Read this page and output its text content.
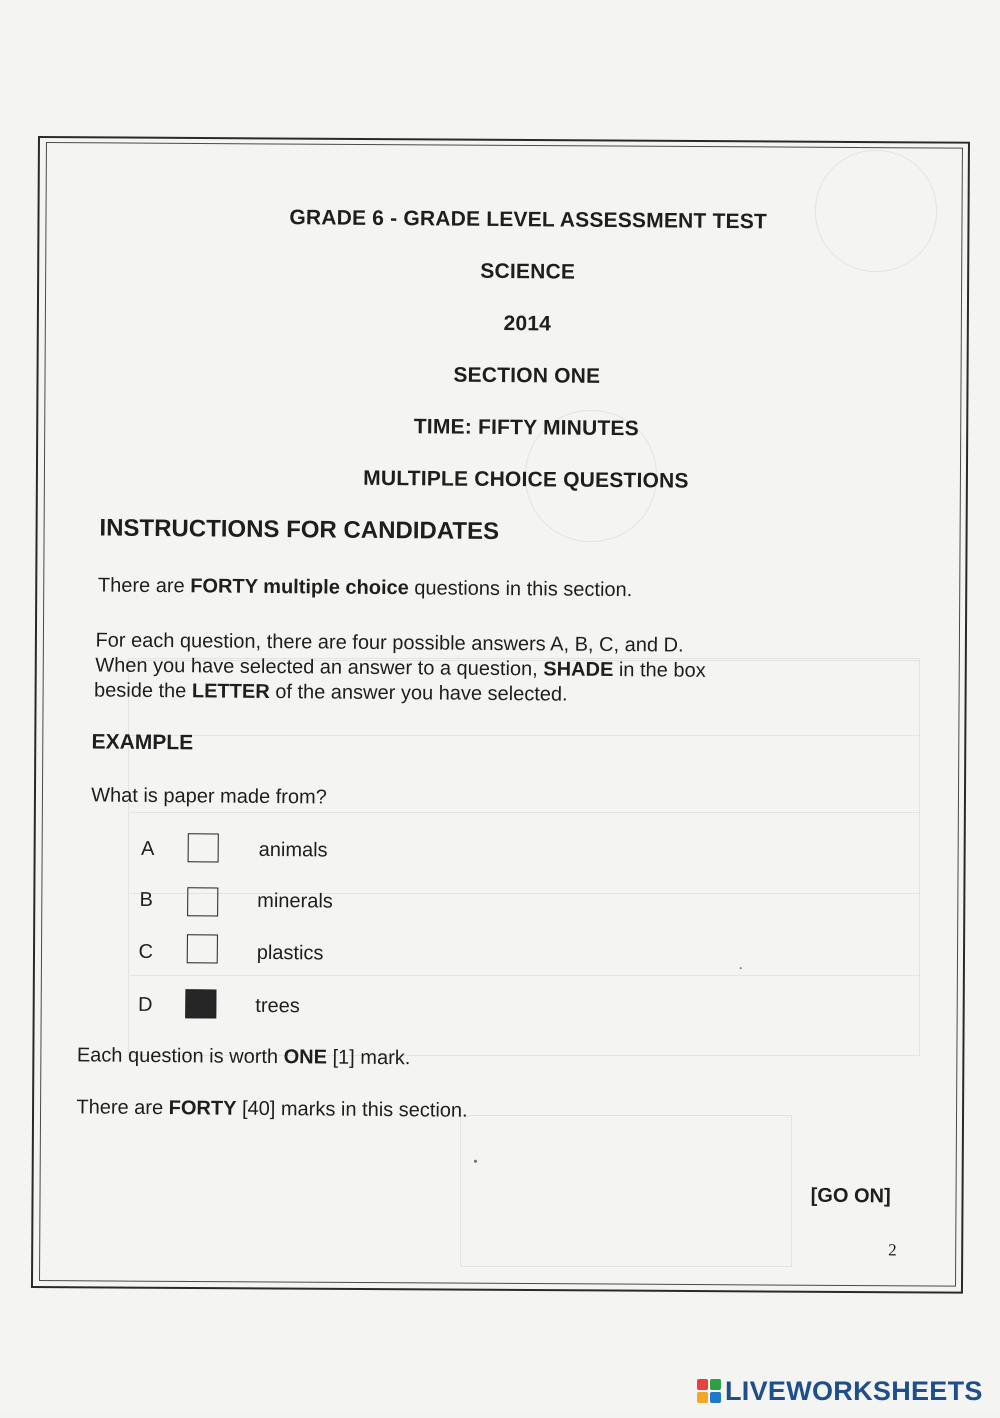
GRADE 6 - GRADE LEVEL ASSESSMENT TEST
SCIENCE
2014
SECTION ONE
TIME: FIFTY MINUTES
MULTIPLE CHOICE QUESTIONS
INSTRUCTIONS FOR CANDIDATES
There are FORTY multiple choice questions in this section.
For each question, there are four possible answers A, B, C, and D.
When you have selected an answer to a question, SHADE in the box
beside the LETTER of the answer you have selected.
EXAMPLE
What is paper made from?
A	animals
B	minerals
C	plastics
D	trees
Each question is worth ONE [1] mark.
There are FORTY [40] marks in this section.
[GO ON]
2
LIVEWORKSHEETS
